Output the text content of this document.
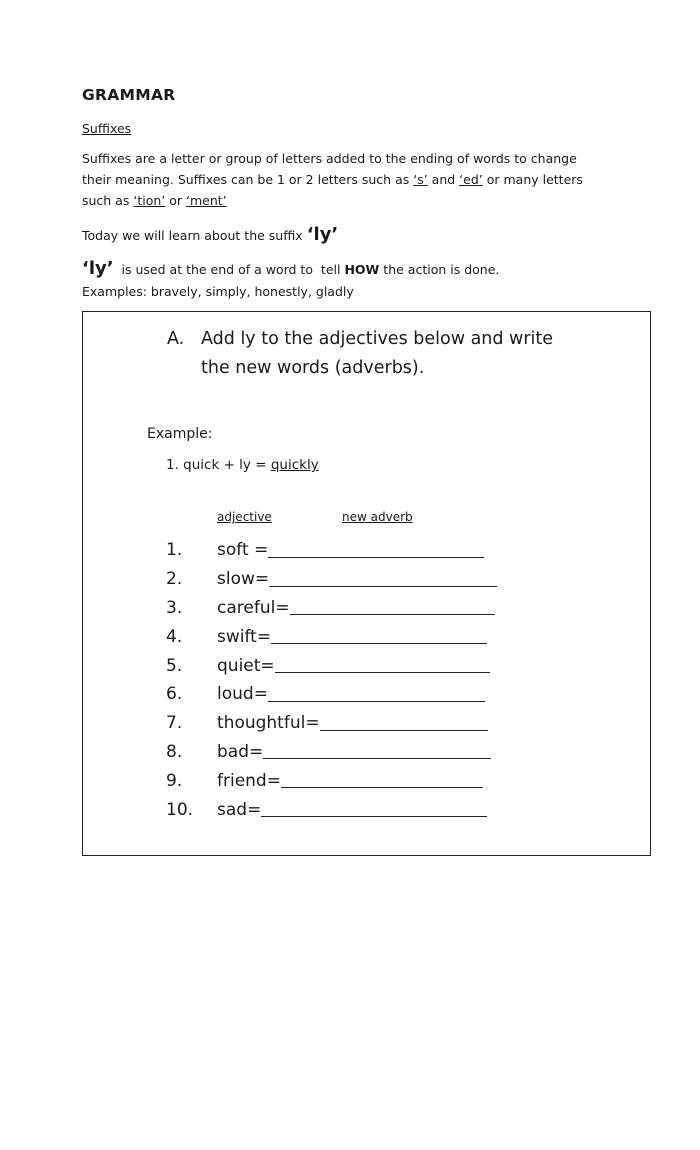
GRAMMAR
Suffixes
Suffixes are a letter or group of letters added to the ending of words to change
their meaning. Suffixes can be 1 or 2 letters such as ‘s’ and ‘ed’ or many letters
such as ‘tion’ or ‘ment’
Today we will learn about the suffix ‘ly’
‘ly’  is used at the end of a word to  tell HOW the action is done.
Examples: bravely, simply, honestly, gladly
A. Add ly to the adjectives below and write
the new words (adverbs).
Example:
1. quick + ly = quickly
adjective	new adverb
1.	soft =
2.	slow=
3.	careful=
4.	swift=
5.	quiet=
6.	loud=
7.	thoughtful=
8.	bad=
9.	friend=
10.	sad=
